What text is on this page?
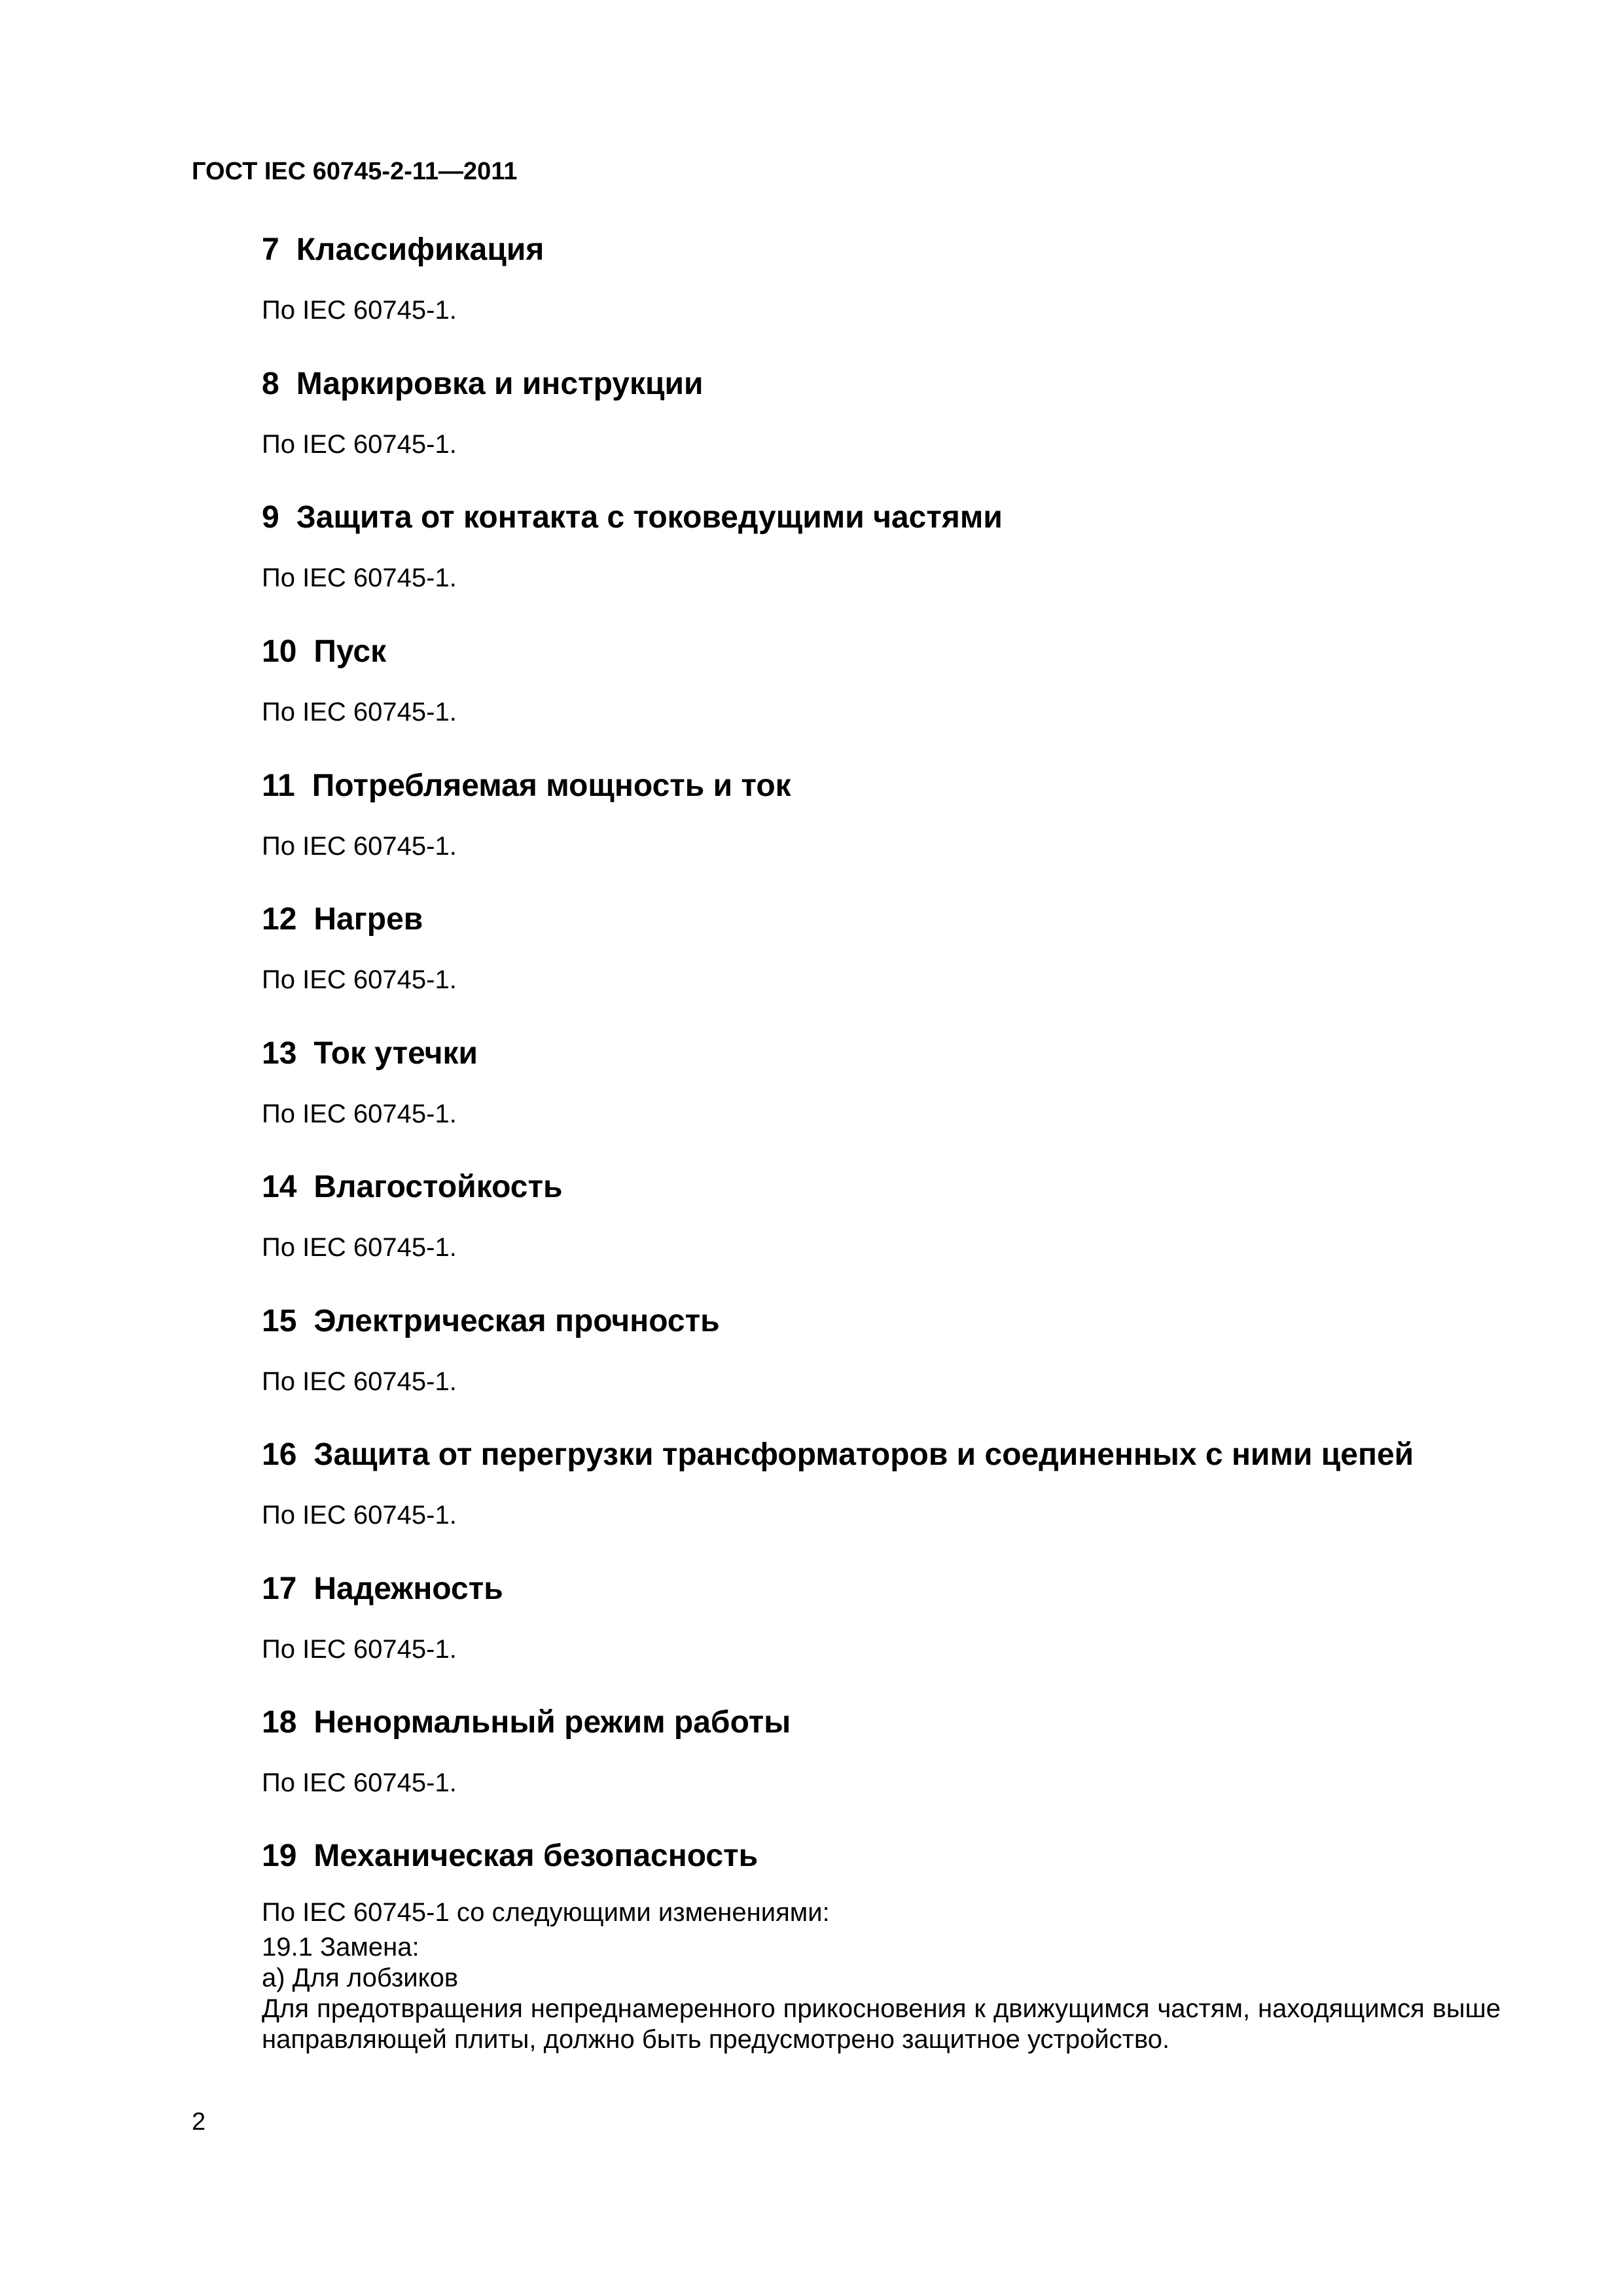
ГОСТ IEC 60745-2-11—2011
7 Классификация
По IEC 60745-1.
8 Маркировка и инструкции
По IEC 60745-1.
9 Защита от контакта с токоведущими частями
По IEC 60745-1.
10 Пуск
По IEC 60745-1.
11 Потребляемая мощность и ток
По IEC 60745-1.
12 Нагрев
По IEC 60745-1.
13 Ток утечки
По IEC 60745-1.
14 Влагостойкость
По IEC 60745-1.
15 Электрическая прочность
По IEC 60745-1.
16 Защита от перегрузки трансформаторов и соединенных с ними цепей
По IEC 60745-1.
17 Надежность
По IEC 60745-1.
18 Ненормальный режим работы
По IEC 60745-1.
19 Механическая безопасность
По IEC 60745-1 со следующими изменениями:
19.1 Замена:
а) Для лобзиков
Для предотвращения непреднамеренного прикосновения к движущимся частям, находящимся выше направляющей плиты, должно быть предусмотрено защитное устройство.
2
